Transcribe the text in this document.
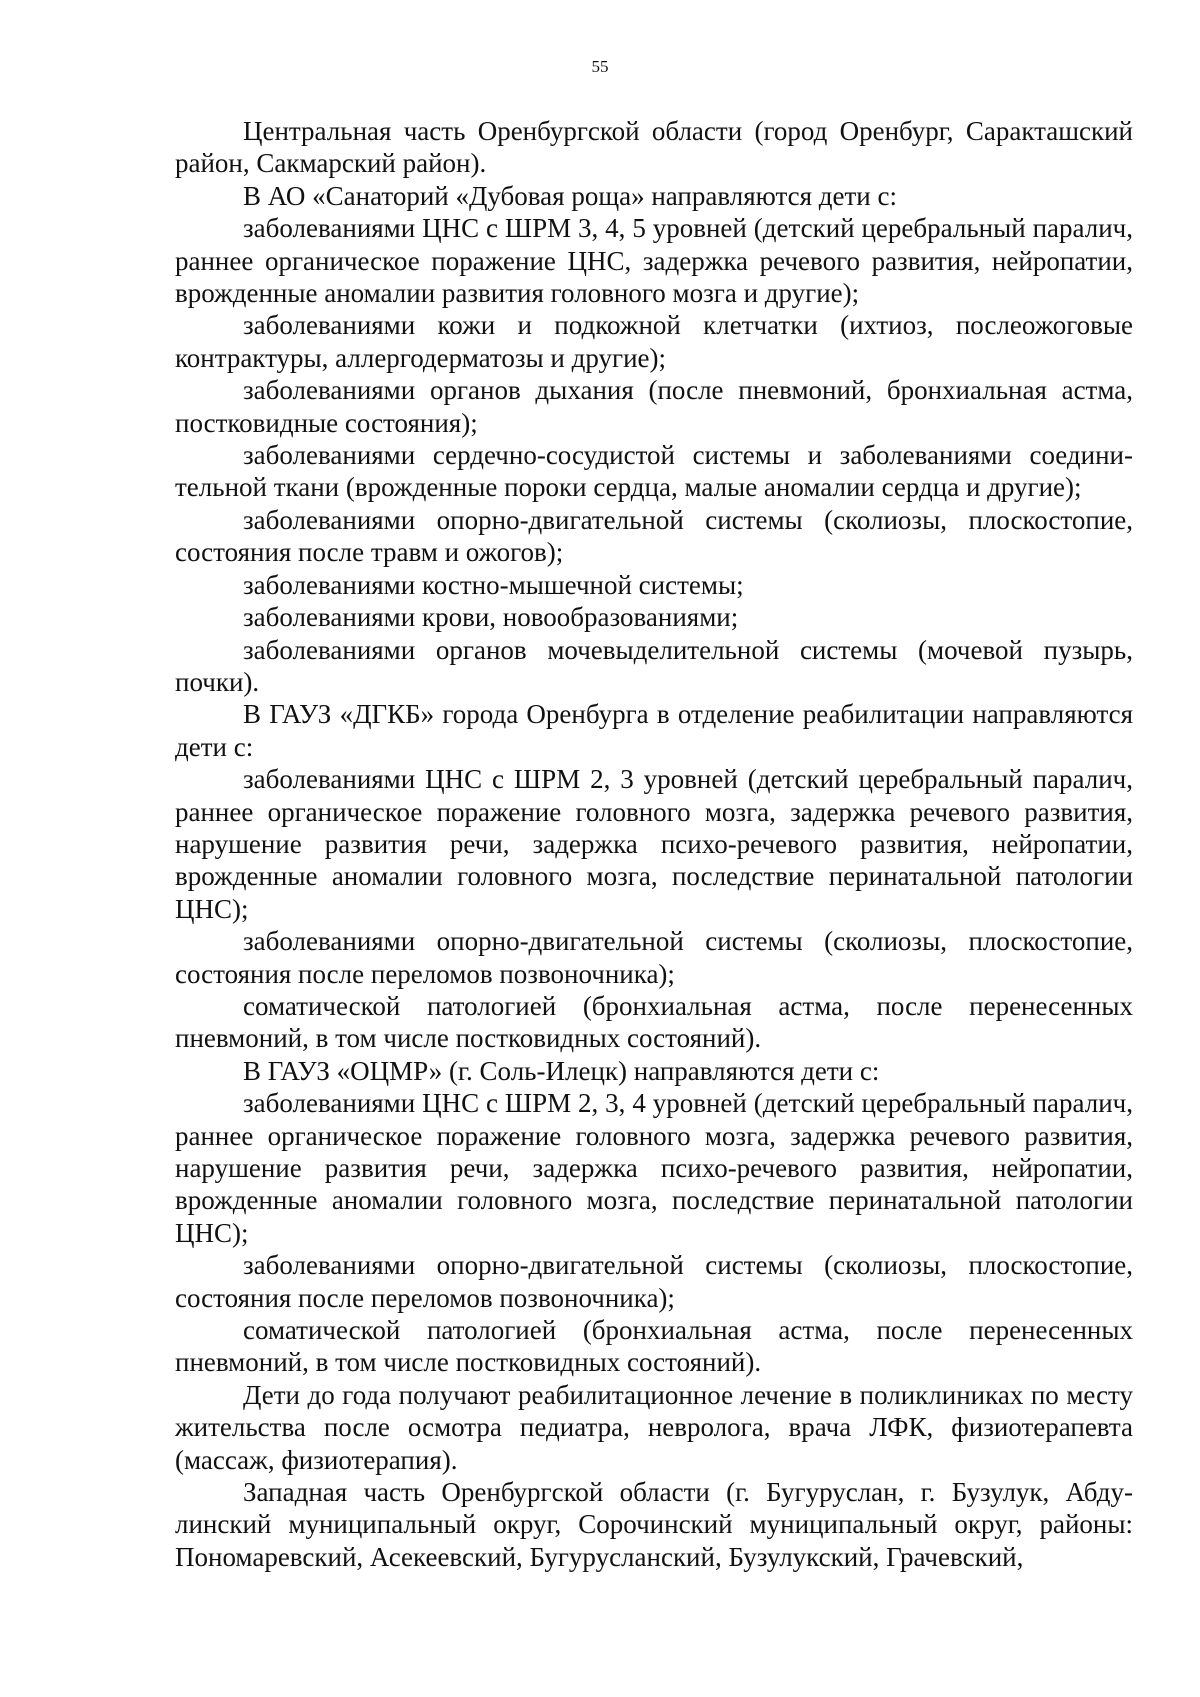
55

Центральная часть Оренбургской области (город Оренбург, Саракташский район, Сакмарский район).

В АО «Санаторий «Дубовая роща» направляются дети с:

заболеваниями ЦНС с ШРМ 3, 4, 5 уровней (детский церебральный паралич, раннее органическое поражение ЦНС, задержка речевого развития, нейропатии, врожденные аномалии развития головного мозга и другие);

заболеваниями кожи и подкожной клетчатки (ихтиоз, послеожоговые контрактуры, аллергодерматозы и другие);

заболеваниями органов дыхания (после пневмоний, бронхиальная астма, постковидные состояния);

заболеваниями сердечно-сосудистой системы и заболеваниями соединительной ткани (врожденные пороки сердца, малые аномалии сердца и другие);

заболеваниями опорно-двигательной системы (сколиозы, плоскостопие, состояния после травм и ожогов);

заболеваниями костно-мышечной системы;

заболеваниями крови, новообразованиями;

заболеваниями органов мочевыделительной системы (мочевой пузырь, почки).

В ГАУЗ «ДГКБ» города Оренбурга в отделение реабилитации направляются дети с:

заболеваниями ЦНС с ШРМ 2, 3 уровней (детский церебральный паралич, раннее органическое поражение головного мозга, задержка речевого развития, нарушение развития речи, задержка психо-речевого развития, нейропатии, врожденные аномалии головного мозга, последствие перинатальной патологии ЦНС);

заболеваниями опорно-двигательной системы (сколиозы, плоскостопие, состояния после переломов позвоночника);

соматической патологией (бронхиальная астма, после перенесенных пневмоний, в том числе постковидных состояний).

В ГАУЗ «ОЦМР» (г. Соль-Илецк) направляются дети с:

заболеваниями ЦНС с ШРМ 2, 3, 4 уровней (детский церебральный паралич, раннее органическое поражение головного мозга, задержка речевого развития, нарушение развития речи, задержка психо-речевого развития, нейропатии, врожденные аномалии головного мозга, последствие перинатальной патологии ЦНС);

заболеваниями опорно-двигательной системы (сколиозы, плоскостопие, состояния после переломов позвоночника);

соматической патологией (бронхиальная астма, после перенесенных пневмоний, в том числе постковидных состояний).

Дети до года получают реабилитационное лечение в поликлиниках по месту жительства после осмотра педиатра, невролога, врача ЛФК, физиотерапевта (массаж, физиотерапия).

Западная часть Оренбургской области (г. Бугуруслан, г. Бузулук, Абдулинский муниципальный округ, Сорочинский муниципальный округ, районы: Пономаревский, Асекеевский, Бугурусланский, Бузулукский, Грачевский,
